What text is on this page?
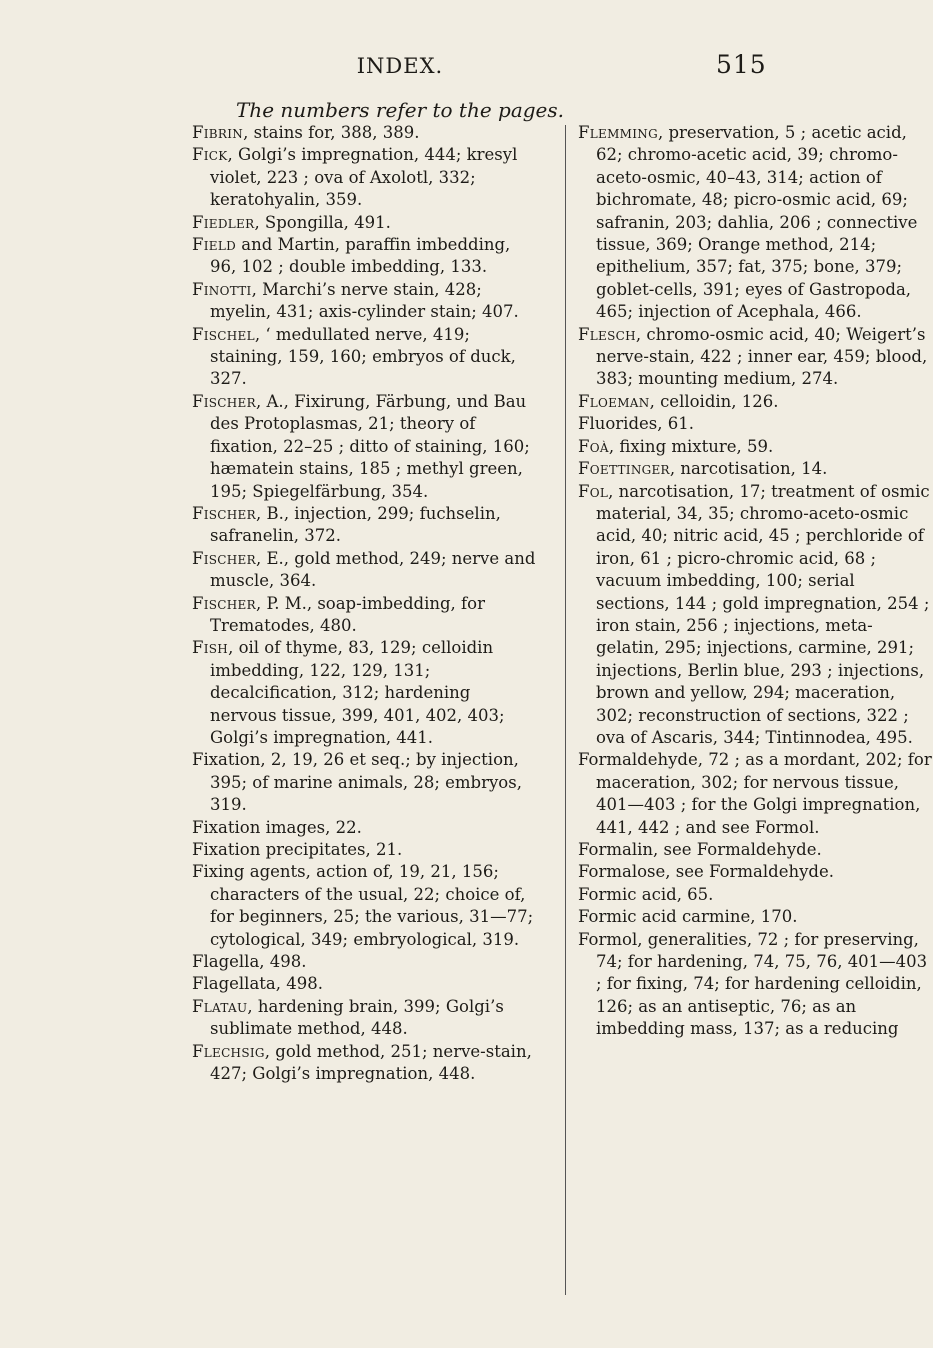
INDEX.	515
The numbers refer to the pages.

Fibrin, stains for, 388, 389.

Fick, Golgi’s impregnation, 444; kresyl violet, 223 ; ova of Axolotl, 332; keratohyalin, 359.

Fiedler, Spongilla, 491.

Field and Martin, paraffin imbedding, 96, 102 ; double imbedding, 133.

Finotti, Marchi’s nerve stain, 428; myelin, 431; axis-cylinder stain; 407.

Fischel, ‘ medullated nerve, 419; staining, 159, 160; embryos of duck, 327.

Fischer, A., Fixirung, Färbung, und Bau des Protoplasmas, 21; theory of fixation, 22–25 ; ditto of staining, 160; hæmatein stains, 185 ; methyl green, 195; Spiegelfärbung, 354.

Fischer, B., injection, 299; fuchselin, safranelin, 372.

Fischer, E., gold method, 249; nerve and muscle, 364.

Fischer, P. M., soap-imbedding, for Trematodes, 480.

Fish, oil of thyme, 83, 129; celloidin imbedding, 122, 129, 131; decalcification, 312; hardening nervous tissue, 399, 401, 402, 403; Golgi’s impregnation, 441.

Fixation, 2, 19, 26 et seq.; by injection, 395; of marine animals, 28; embryos, 319.

Fixation images, 22.

Fixation precipitates, 21.

Fixing agents, action of, 19, 21, 156; characters of the usual, 22; choice of, for beginners, 25; the various, 31—77; cytological, 349; embryological, 319.

Flagella, 498.

Flagellata, 498.

Flatau, hardening brain, 399; Golgi’s sublimate method, 448.

Flechsig, gold method, 251; nerve-stain, 427; Golgi’s impregnation, 448.

Flemming, preservation, 5 ; acetic acid, 62; chromo-acetic acid, 39; chromo-aceto-osmic, 40–43, 314; action of bichromate, 48; picro-osmic acid, 69; safranin, 203; dahlia, 206 ; connective tissue, 369; Orange method, 214; epithelium, 357; fat, 375; bone, 379; goblet-cells, 391; eyes of Gastropoda, 465; injection of Acephala, 466.

Flesch, chromo-osmic acid, 40; Weigert’s nerve-stain, 422 ; inner ear, 459; blood, 383; mounting medium, 274.

Floeman, celloidin, 126.

Fluorides, 61.

Foà, fixing mixture, 59.

Foettinger, narcotisation, 14.

Fol, narcotisation, 17; treatment of osmic material, 34, 35; chromo-aceto-osmic acid, 40; nitric acid, 45 ; perchloride of iron, 61 ; picro-chromic acid, 68 ; vacuum imbedding, 100; serial sections, 144 ; gold impregnation, 254 ; iron stain, 256 ; injections, meta-gelatin, 295; injections, carmine, 291; injections, Berlin blue, 293 ; injections, brown and yellow, 294; maceration, 302; reconstruction of sections, 322 ; ova of Ascaris, 344; Tintinnodea, 495.

Formaldehyde, 72 ; as a mordant, 202; for maceration, 302; for nervous tissue, 401—403 ; for the Golgi impregnation, 441, 442 ; and see Formol.

Formalin, see Formaldehyde.

Formalose, see Formaldehyde.

Formic acid, 65.

Formic acid carmine, 170.

Formol, generalities, 72 ; for preserving, 74; for hardening, 74, 75, 76, 401—403 ; for fixing, 74; for hardening celloidin, 126; as an antiseptic, 76; as an imbedding mass, 137; as a reducing
